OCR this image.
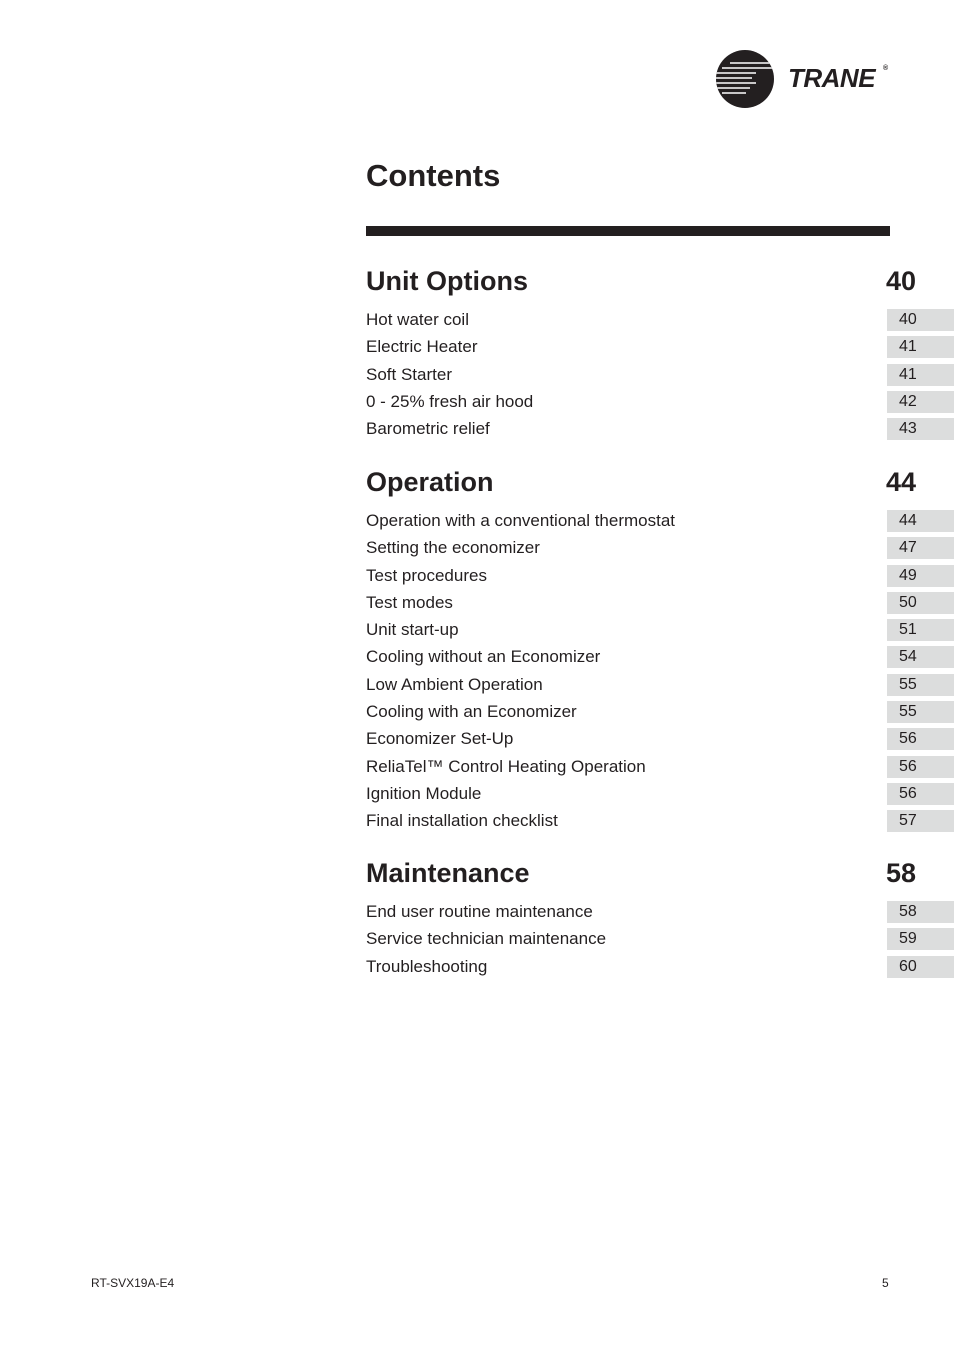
TRANE ®
Contents
Unit Options	40
Hot water coil	40
Electric Heater	41
Soft Starter	41
0 - 25% fresh air hood	42
Barometric relief	43
Operation	44
Operation with a conventional thermostat	44
Setting the economizer	47
Test procedures	49
Test modes	50
Unit start-up	51
Cooling without an Economizer	54
Low Ambient Operation	55
Cooling with an Economizer	55
Economizer Set-Up	56
ReliaTel™ Control Heating Operation	56
Ignition Module	56
Final installation checklist	57
Maintenance	58
End user routine maintenance	58
Service technician maintenance	59
Troubleshooting	60
RT-SVX19A-E4	5
